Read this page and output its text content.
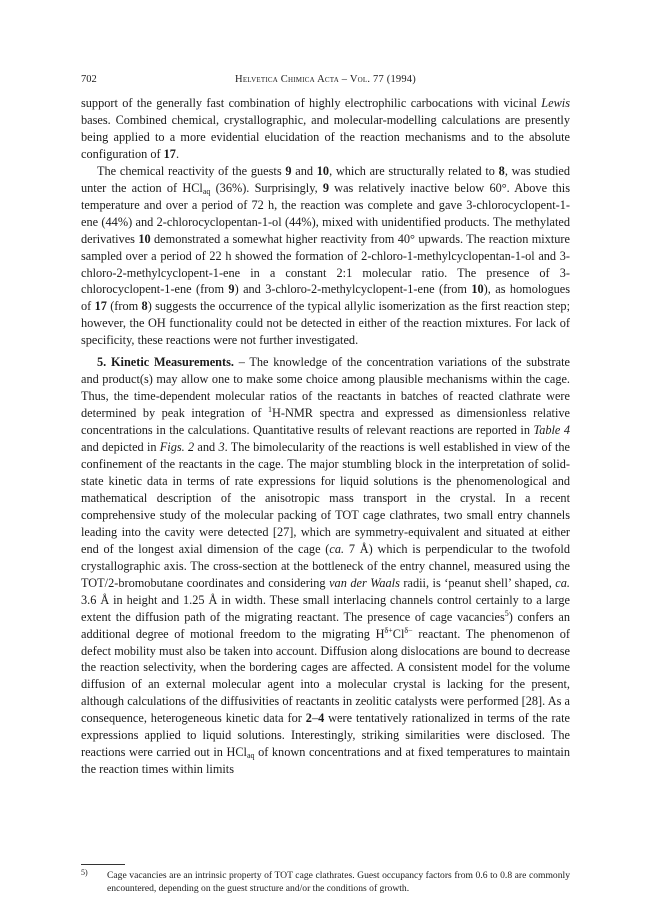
702	Helvetica Chimica Acta – Vol. 77 (1994)

support of the generally fast combination of highly electrophilic carbocations with vicinal Lewis bases. Combined chemical, crystallographic, and molecular-modelling calculations are presently being applied to a more evidential elucidation of the reaction mechanisms and to the absolute configuration of 17.

The chemical reactivity of the guests 9 and 10, which are structurally related to 8, was studied unter the action of HCl$_{aq}$ (36%). Surprisingly, 9 was relatively inactive below 60°. Above this temperature and over a period of 72 h, the reaction was complete and gave 3-chlorocyclopent-1-ene (44%) and 2-chlorocyclopentan-1-ol (44%), mixed with unidentified products. The methylated derivatives 10 demonstrated a somewhat higher reactivity from 40° upwards. The reaction mixture sampled over a period of 22 h showed the formation of 2-chloro-1-methylcyclopentan-1-ol and 3-chloro-2-methylcyclopent-1-ene in a constant 2:1 molecular ratio. The presence of 3-chlorocyclopent-1-ene (from 9) and 3-chloro-2-methylcyclopent-1-ene (from 10), as homologues of 17 (from 8) suggests the occurrence of the typical allylic isomerization as the first reaction step; however, the OH functionality could not be detected in either of the reaction mixtures. For lack of specificity, these reactions were not further investigated.

5. Kinetic Measurements. – The knowledge of the concentration variations of the substrate and product(s) may allow one to make some choice among plausible mechanisms within the cage. Thus, the time-dependent molecular ratios of the reactants in batches of reacted clathrate were determined by peak integration of $^1$H-NMR spectra and expressed as dimensionless relative concentrations in the calculations. Quantitative results of relevant reactions are reported in Table 4 and depicted in Figs. 2 and 3. The bimolecularity of the reactions is well established in view of the confinement of the reactants in the cage. The major stumbling block in the interpretation of solid-state kinetic data in terms of rate expressions for liquid solutions is the phenomenological and mathematical description of the anisotropic mass transport in the crystal. In a recent comprehensive study of the molecular packing of TOT cage clathrates, two small entry channels leading into the cavity were detected [27], which are symmetry-equivalent and situated at either end of the longest axial dimension of the cage (ca. 7 Å) which is perpendicular to the twofold crystallographic axis. The cross-section at the bottleneck of the entry channel, measured using the TOT/2-bromobutane coordinates and considering van der Waals radii, is ‘peanut shell’ shaped, ca. 3.6 Å in height and 1.25 Å in width. These small interlacing channels control certainly to a large extent the diffusion path of the migrating reactant. The presence of cage vacancies$^5$) confers an additional degree of motional freedom to the migrating $H^{\delta+}Cl^{\delta-}$ reactant. The phenomenon of defect mobility must also be taken into account. Diffusion along dislocations are bound to decrease the reaction selectivity, when the bordering cages are affected. A consistent model for the volume diffusion of an external molecular agent into a molecular crystal is lacking for the present, although calculations of the diffusivities of reactants in zeolitic catalysts were performed [28]. As a consequence, heterogeneous kinetic data for 2–4 were tentatively rationalized in terms of the rate expressions applied to liquid solutions. Interestingly, striking similarities were disclosed. The reactions were carried out in HCl$_{aq}$ of known concentrations and at fixed temperatures to maintain the reaction times within limits

5) Cage vacancies are an intrinsic property of TOT cage clathrates. Guest occupancy factors from 0.6 to 0.8 are commonly encountered, depending on the guest structure and/or the conditions of growth.
